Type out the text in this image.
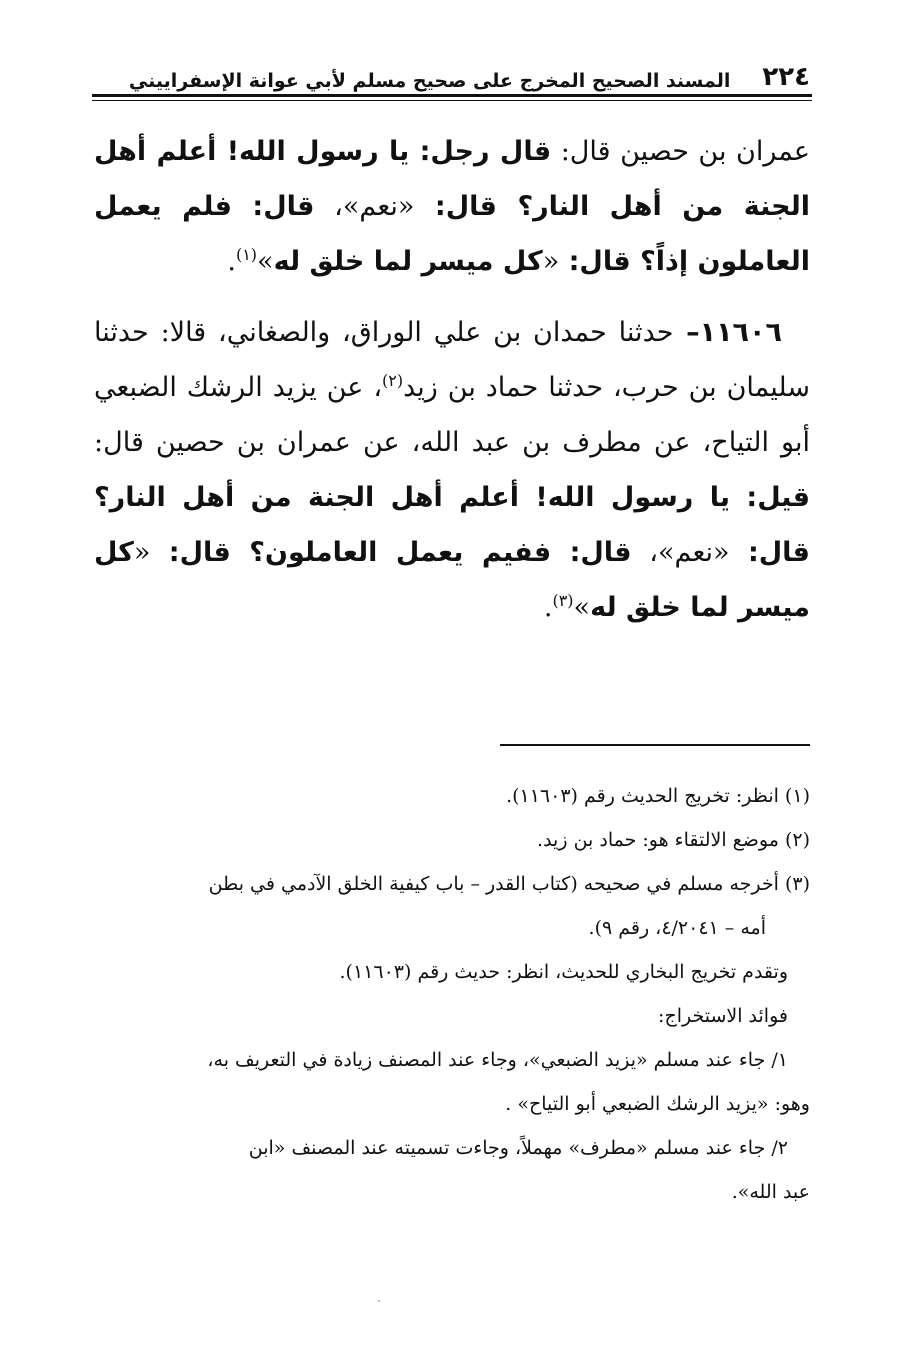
٢٢٤
المسند الصحيح المخرج على صحيح مسلم لأبي عوانة الإسفراييني

عمران بن حصين قال: قال رجل: يا رسول الله! أعلم أهل الجنة من أهل النار؟ قال: «نعم»، قال: فلم يعمل العاملون إذاً؟ قال: «كل ميسر لما خلق له»$^{(١)}$.

١١٦٠٦– حدثنا حمدان بن علي الوراق، والصغاني، قالا: حدثنا سليمان بن حرب، حدثنا حماد بن زيد$^{(٢)}$، عن يزيد الرشك الضبعي أبو التياح، عن مطرف بن عبد الله، عن عمران بن حصين قال: قيل: يا رسول الله! أعلم أهل الجنة من أهل النار؟ قال: «نعم»، قال: ففيم يعمل العاملون؟ قال: «كل ميسر لما خلق له»$^{(٣)}$.

(١) انظر: تخريج الحديث رقم (١١٦٠٣).

(٢) موضع الالتقاء هو: حماد بن زيد.

(٣) أخرجه مسلم في صحيحه (كتاب القدر – باب كيفية الخلق الآدمي في بطن

أمه – ٤/٢٠٤١، رقم ٩).

وتقدم تخريج البخاري للحديث، انظر: حديث رقم (١١٦٠٣).

فوائد الاستخراج:

١/ جاء عند مسلم «يزيد الضبعي»، وجاء عند المصنف زيادة في التعريف به،

وهو: «يزيد الرشك الضبعي أبو التياح» .

٢/ جاء عند مسلم «مطرف» مهملاً، وجاءت تسميته عند المصنف «ابن

عبد الله».
